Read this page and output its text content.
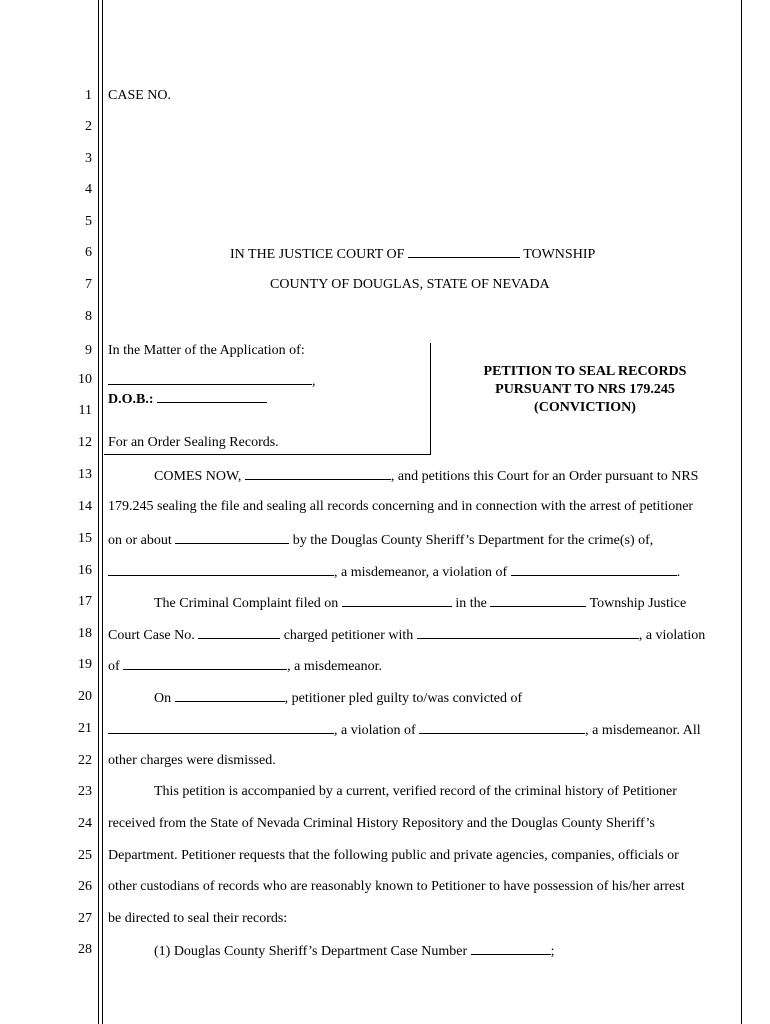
1
2
3
4
5
6
7
8
9
10
11
12
13
14
15
16
17
18
19
20
21
22
23
24
25
26
27
28
CASE NO.
IN THE JUSTICE COURT OF	TOWNSHIP
COUNTY OF DOUGLAS, STATE OF NEVADA
In the Matter of the Application of:
,
D.O.B.:
For an Order Sealing Records.
PETITION TO SEAL RECORDS
PURSUANT TO NRS 179.245
(CONVICTION)
COMES NOW,	, and petitions this Court for an Order pursuant to NRS
179.245 sealing the file and sealing all records concerning and in connection with the arrest of petitioner
on or about	by the Douglas County Sheriff’s Department for the crime(s) of,
, a misdemeanor, a violation of	.
The Criminal Complaint filed on	in the	Township Justice
Court Case No.	charged petitioner with	, a violation
of	, a misdemeanor.
On	, petitioner pled guilty to/was convicted of
, a violation of	, a misdemeanor. All
other charges were dismissed.
This petition is accompanied by a current, verified record of the criminal history of Petitioner
received from the State of Nevada Criminal History Repository and the Douglas County Sheriff’s
Department. Petitioner requests that the following public and private agencies, companies, officials or
other custodians of records who are reasonably known to Petitioner to have possession of his/her arrest
be directed to seal their records:
(1) Douglas County Sheriff’s Department Case Number	;
